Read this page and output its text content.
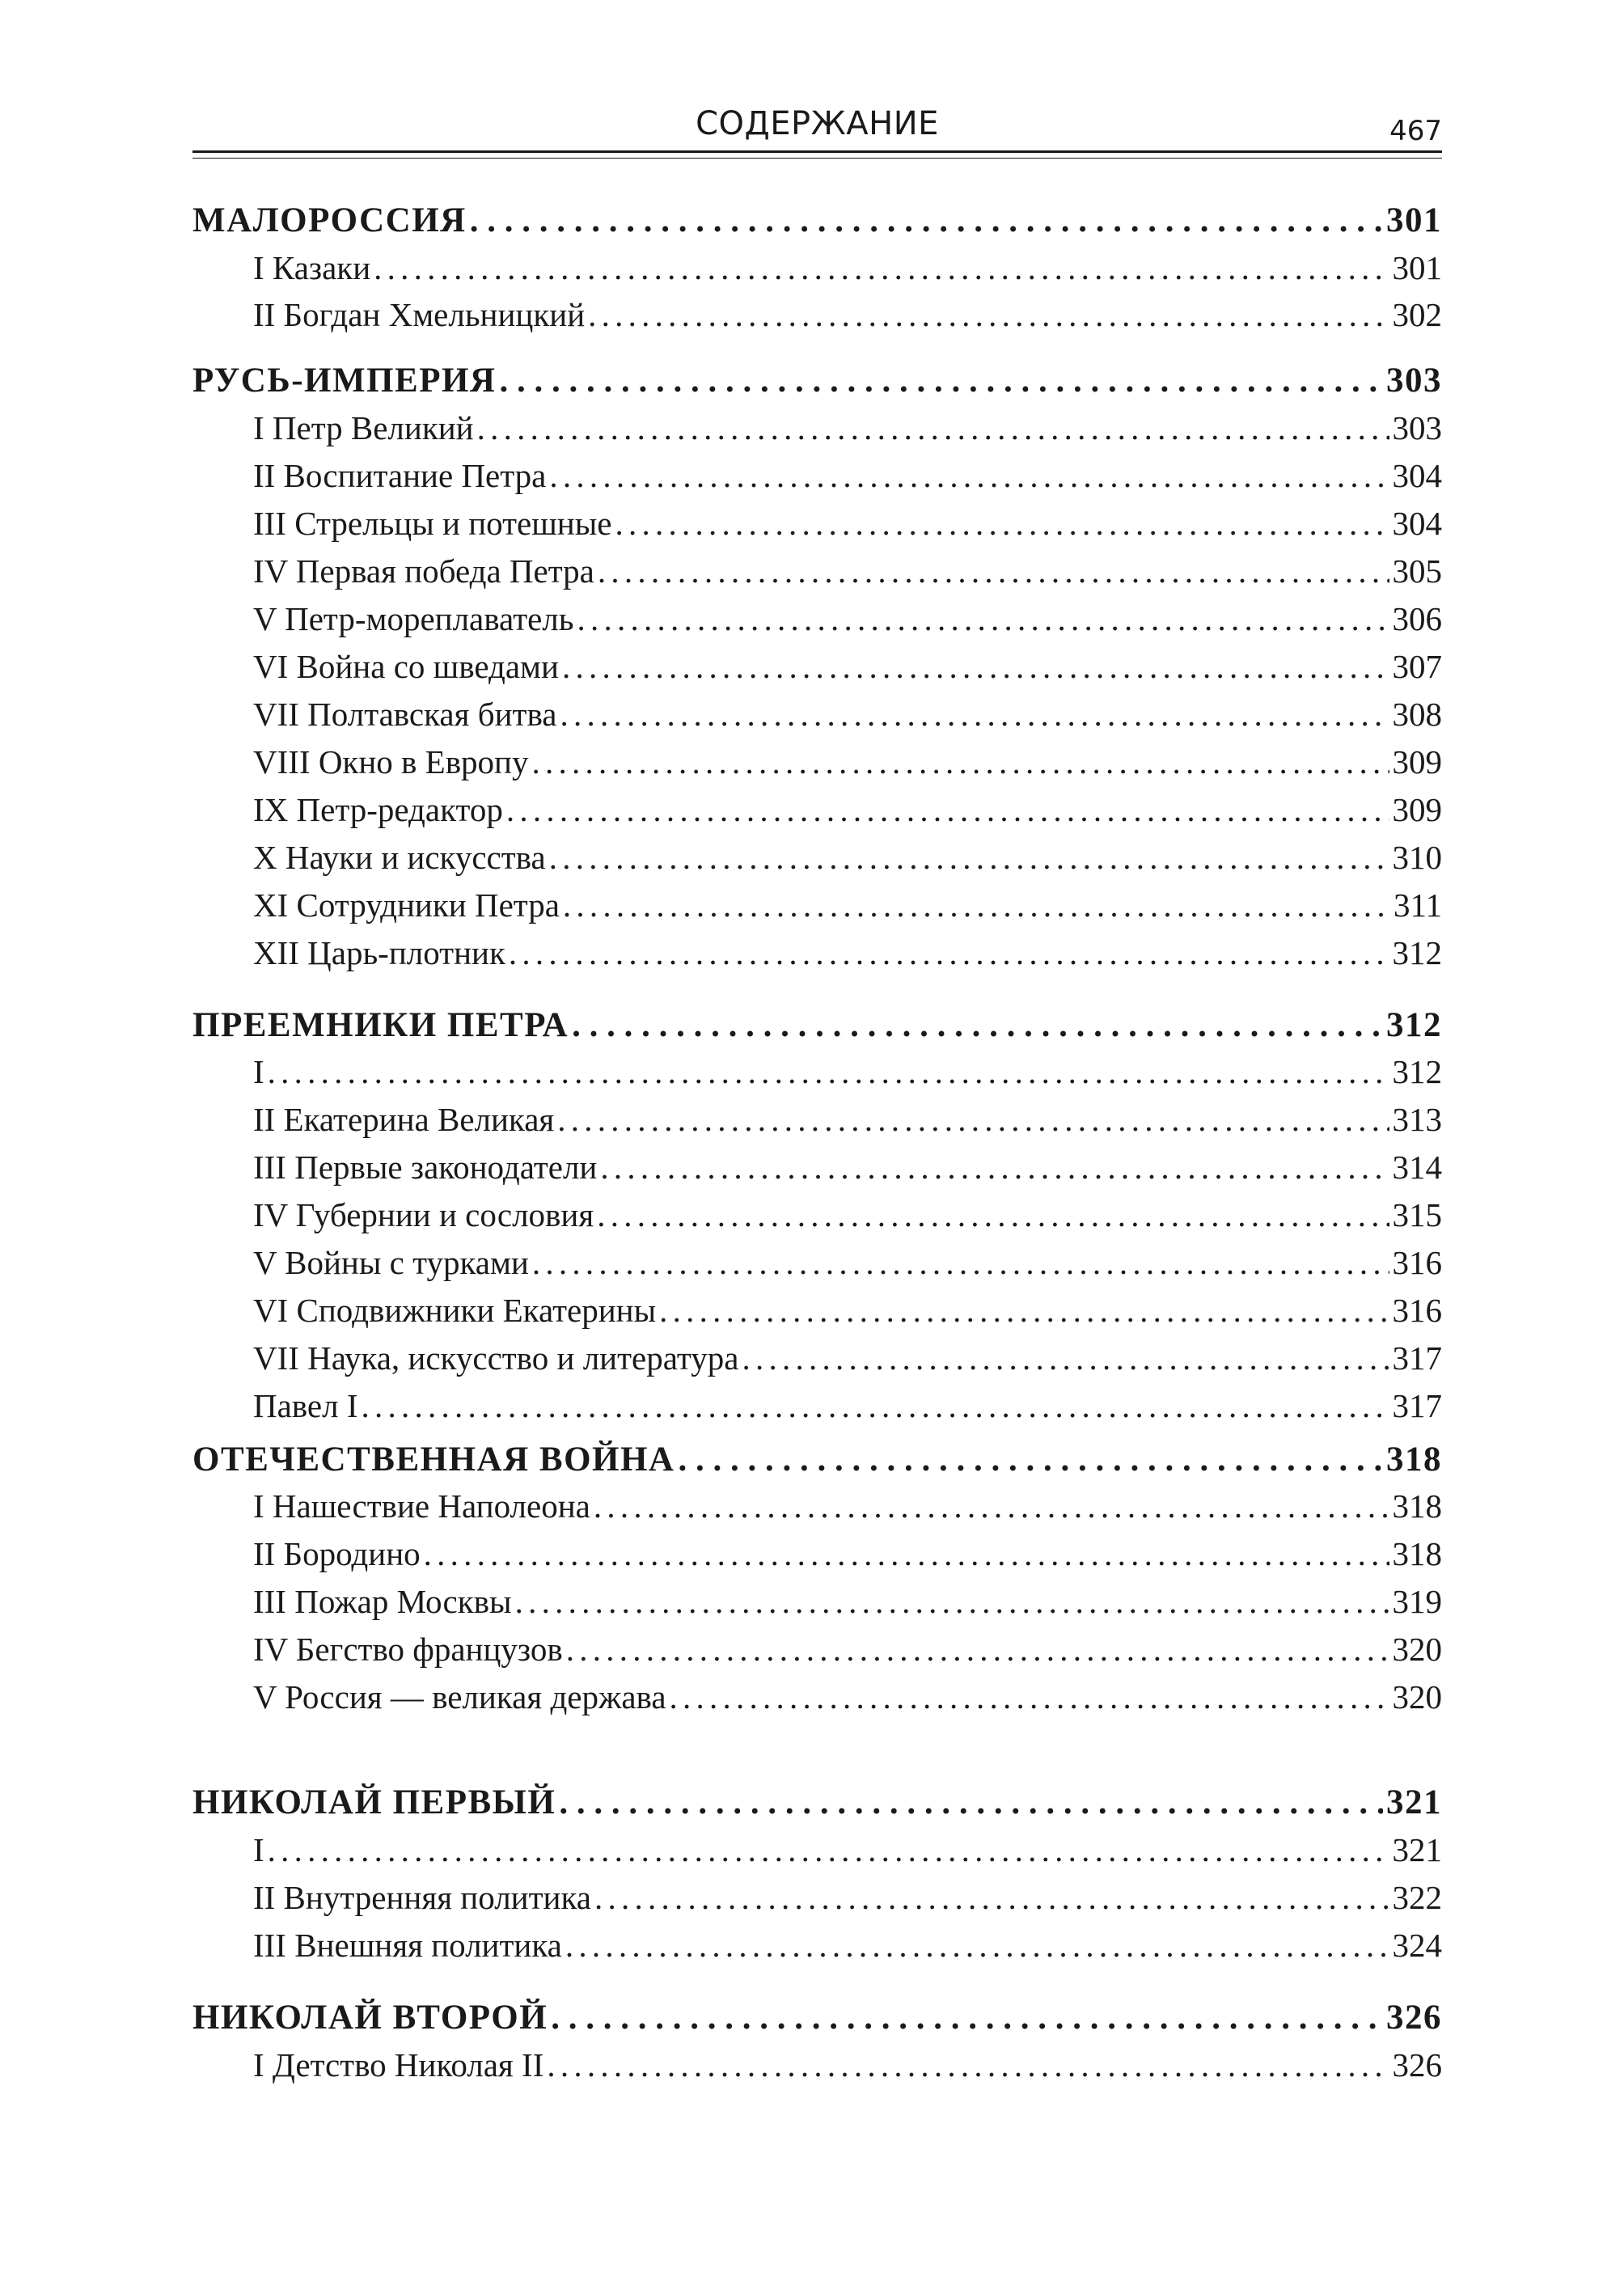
СОДЕРЖАНИЕ	467
МАЛОРОССИЯ . . .	301
I Казаки . . .	301
II Богдан Хмельницкий . . .	302
РУСЬ-ИМПЕРИЯ . . .	303
I Петр Великий . . .	303
II Воспитание Петра . . .	304
III Стрельцы и потешные . . .	304
IV Первая победа Петра . . .	305
V Петр-мореплаватель . . .	306
VI Война со шведами . . .	307
VII Полтавская битва . . .	308
VIII Окно в Европу . . .	309
IX Петр-редактор . . .	309
X Науки и искусства . . .	310
XI Сотрудники Петра . . .	311
XII Царь-плотник . . .	312
ПРЕЕМНИКИ ПЕТРА . . .	312
I . . .	312
II Екатерина Великая . . .	313
III Первые законодатели . . .	314
IV Губернии и сословия . . .	315
V Войны с турками . . .	316
VI Сподвижники Екатерины . . .	316
VII Наука, искусство и литература . . .	317
Павел I . . .	317
ОТЕЧЕСТВЕННАЯ ВОЙНА . . .	318
I Нашествие Наполеона . . .	318
II Бородино . . .	318
III Пожар Москвы . . .	319
IV Бегство французов . . .	320
V Россия — великая держава . . .	320
НИКОЛАЙ ПЕРВЫЙ . . .	321
I . . .	321
II Внутренняя политика . . .	322
III Внешняя политика . . .	324
НИКОЛАЙ ВТОРОЙ . . .	326
I Детство Николая II . . .	326
